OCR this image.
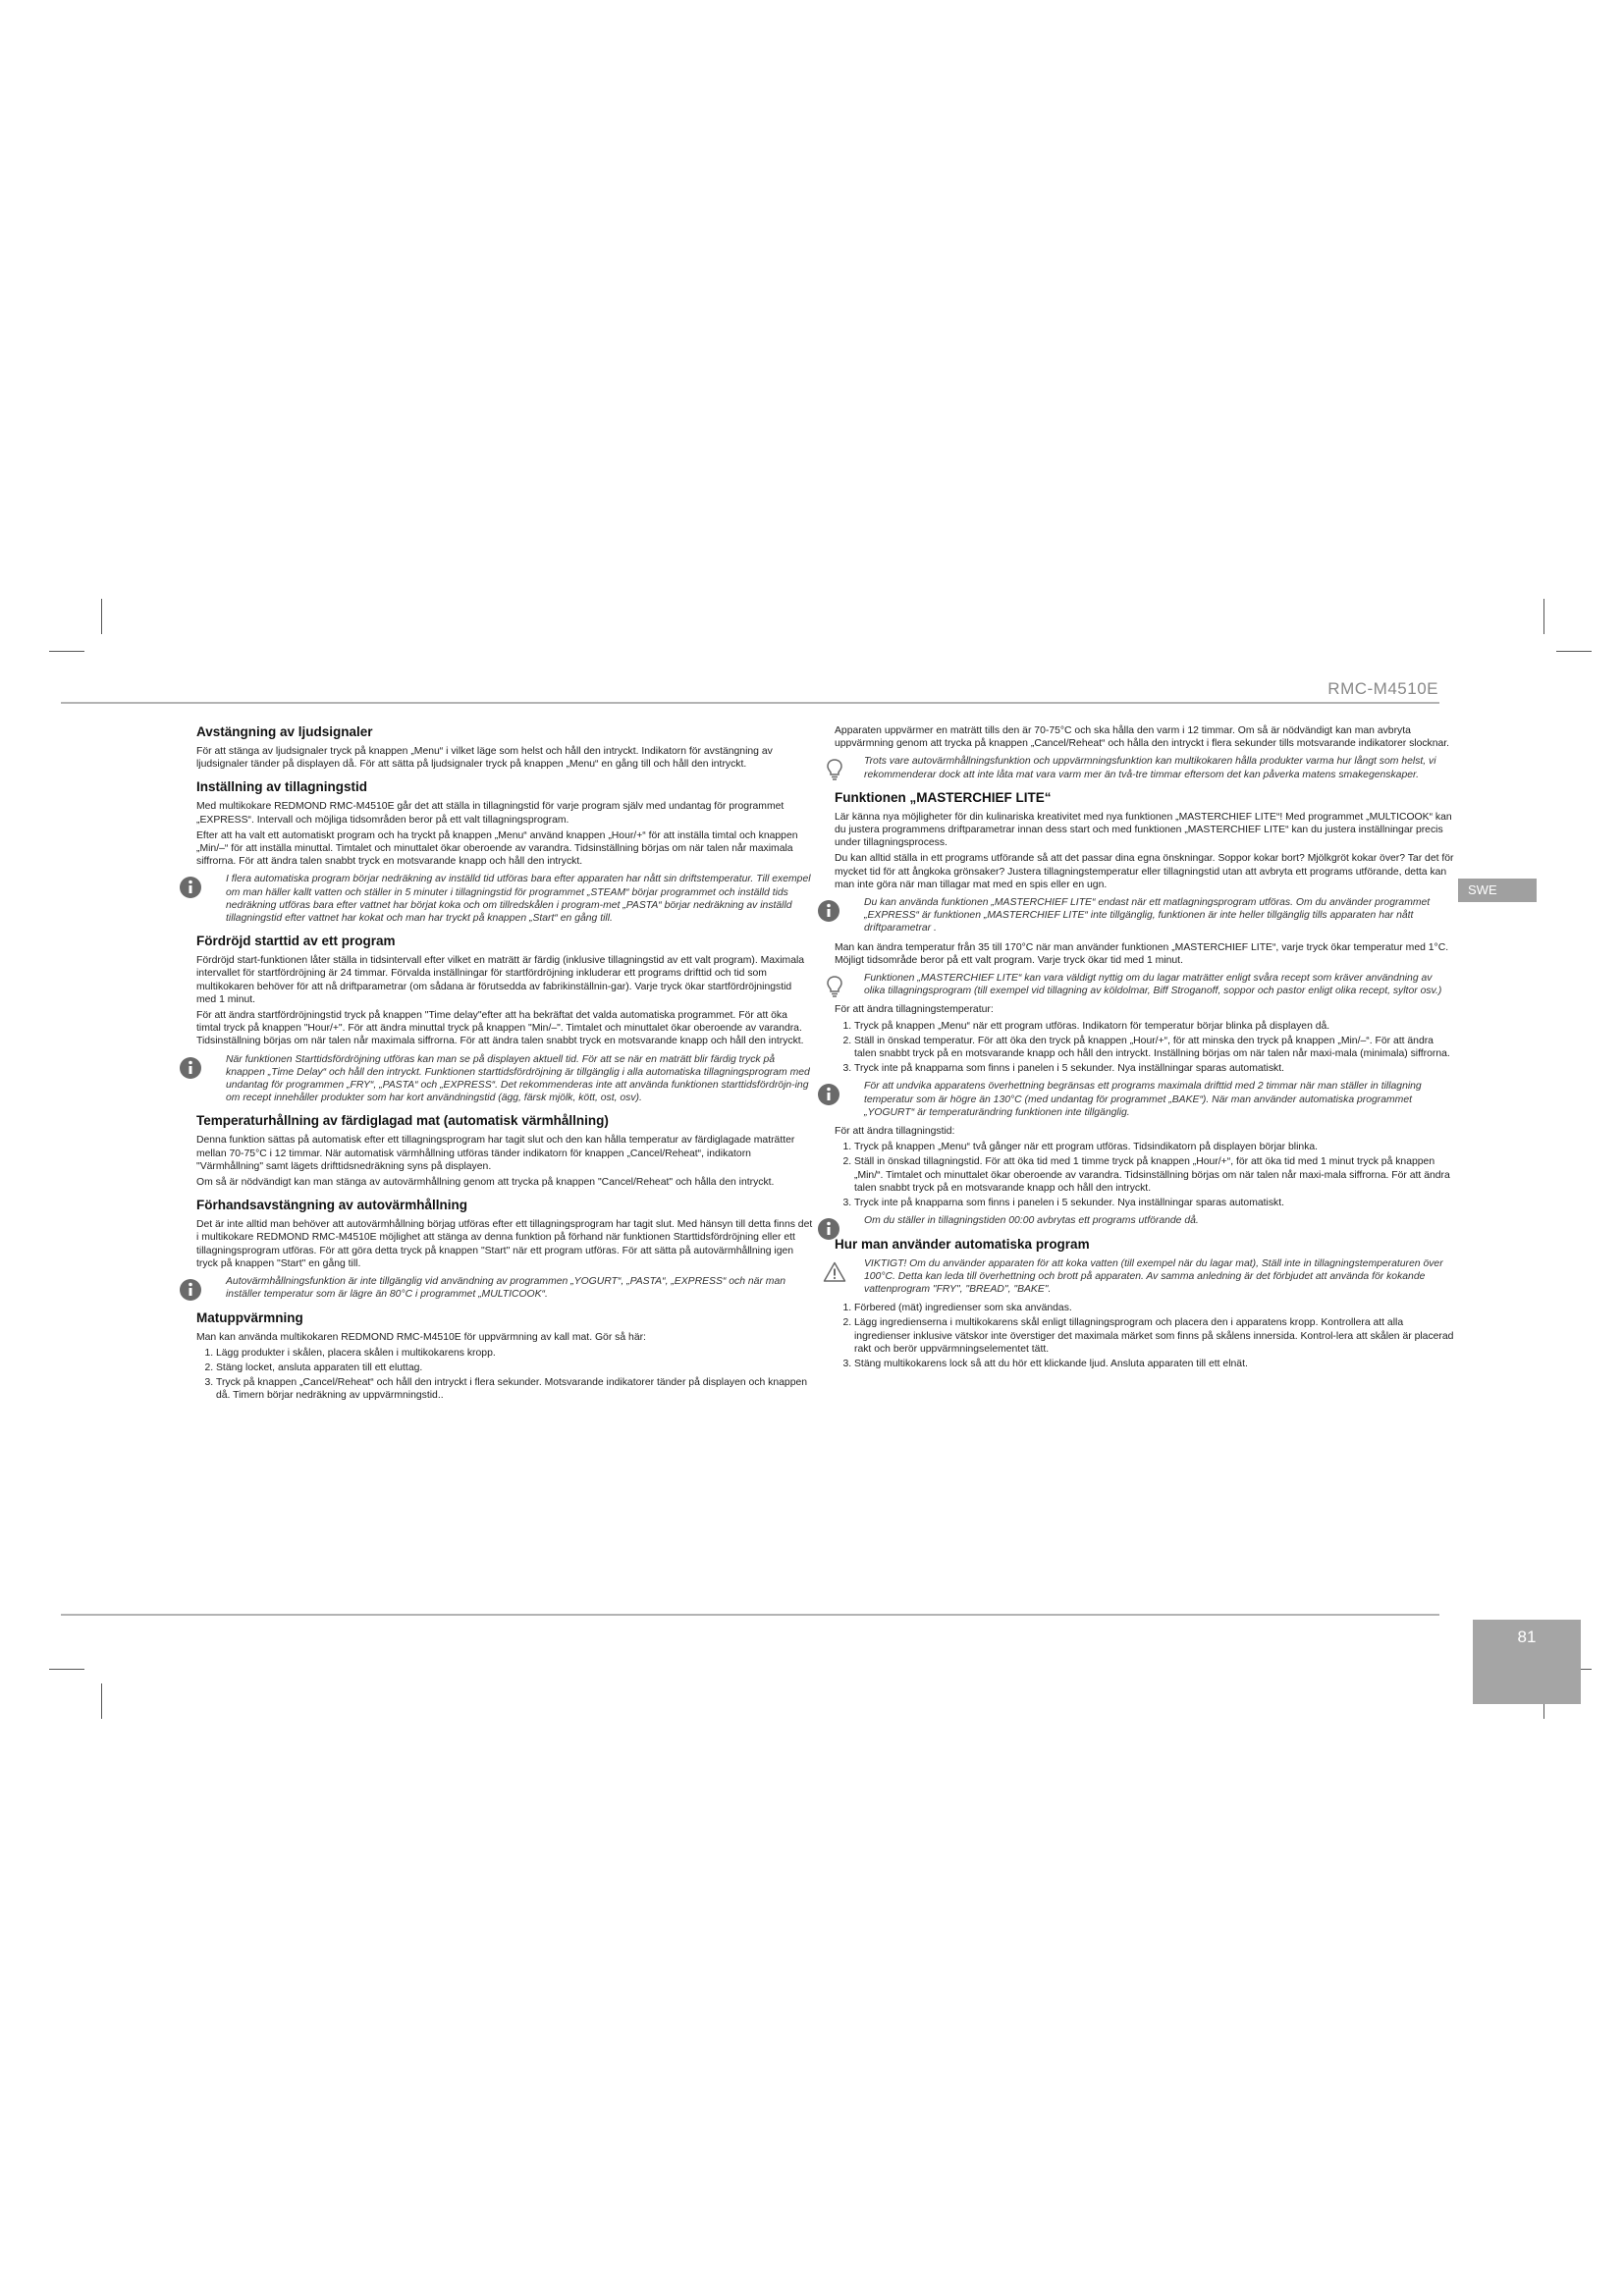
RMC-M4510E
SWE
81
Avstängning av ljudsignaler

För att stänga av ljudsignaler tryck på knappen „Menu“ i vilket läge som helst och håll den intryckt. Indikatorn för avstängning av ljudsignaler tänder på displayen då. För att sätta på ljudsignaler tryck på knappen „Menu“ en gång till och håll den intryckt.

Inställning av tillagningstid

Med multikokare REDMOND RMC-M4510E går det att ställa in tillagningstid för varje program själv med undantag för programmet „EXPRESS“. Intervall och möjliga tidsområden beror på ett valt tillagningsprogram.

Efter att ha valt ett automatiskt program och ha tryckt på knappen „Menu“ använd knappen „Hour/+“ för att inställa timtal och knappen „Min/–“ för att inställa minuttal. Timtalet och minuttalet ökar oberoende av varandra. Tidsinställning börjas om när talen når maximala siffrorna. För att ändra talen snabbt tryck en motsvarande knapp och håll den intryckt.

I flera automatiska program börjar nedräkning av inställd tid utföras bara efter apparaten har nått sin driftstemperatur. Till exempel om man häller kallt vatten och ställer in 5 minuter i tillagningstid för programmet „STEAM“ börjar programmet och inställd tids nedräkning utföras bara efter vattnet har börjat koka och om tillredskålen i program-met „PASTA“ börjar nedräkning av inställd tillagningstid efter vattnet har kokat och man har tryckt på knappen „Start“ en gång till.
Fördröjd starttid av ett program

Fördröjd start-funktionen låter ställa in tidsintervall efter vilket en maträtt är färdig (inklusive tillagningstid av ett valt program). Maximala intervallet för startfördröjning är 24 timmar. Förvalda inställningar för startfördröjning inkluderar ett programs drifttid och tid som multikokaren behöver för att nå driftparametrar (om sådana är förutsedda av fabrikinställnin-gar). Varje tryck ökar startfördröjningstid med 1 minut.

För att ändra startfördröjningstid tryck på knappen "Time delay"efter att ha bekräftat det valda automatiska programmet. För att öka timtal tryck på knappen "Hour/+". För att ändra minuttal tryck på knappen "Min/–". Timtalet och minuttalet ökar oberoende av varandra. Tidsinställning börjas om när talen når maximala siffrorna. För att ändra talen snabbt tryck en motsvarande knapp och håll den intryckt.

När funktionen Starttidsfördröjning utföras kan man se på displayen aktuell tid. För att se när en maträtt blir färdig tryck på knappen „Time Delay“ och håll den intryckt. Funktionen starttidsfördröjning är tillgänglig i alla automatiska tillagningsprogram med undantag för programmen „FRY“, „PASTA“ och „EXPRESS“. Det rekommenderas inte att använda funktionen starttidsfördröjn-ing om recept innehåller produkter som har kort användningstid (ägg, färsk mjölk, kött, ost, osv).
Temperaturhållning av färdiglagad mat (automatisk värmhållning)

Denna funktion sättas på automatisk efter ett tillagningsprogram har tagit slut och den kan hålla temperatur av färdiglagade maträtter mellan 70-75°C i 12 timmar. När automatisk värmhållning utföras tänder indikatorn för knappen „Cancel/Reheat“, indikatorn "Värmhållning" samt lägets drifttidsnedräkning syns på displayen.

Om så är nödvändigt kan man stänga av autovärmhållning genom att trycka på knappen "Cancel/Reheat" och hålla den intryckt.

Förhandsavstängning av autovärmhållning

Det är inte alltid man behöver att autovärmhållning börjag utföras efter ett tillagningsprogram har tagit slut. Med hänsyn till detta finns det i multikokare REDMOND RMC-M4510E möjlighet att stänga av denna funktion på förhand när funktionen Starttidsfördröjning eller ett tillagningsprogram utföras. För att göra detta tryck på knappen "Start" när ett program utföras. För att sätta på autovärmhållning igen tryck på knappen "Start" en gång till.

Autovärmhållningsfunktion är inte tillgänglig vid användning av programmen „YOGURT“, „PASTA“, „EXPRESS“ och när man inställer temperatur som är lägre än 80°C i programmet „MULTICOOK“.
Matuppvärmning

Man kan använda multikokaren REDMOND RMC-M4510E för uppvärmning av kall mat. Gör så här:

1. Lägg produkter i skålen, placera skålen i multikokarens kropp.
2. Stäng locket, ansluta apparaten till ett eluttag.
3. Tryck på knappen „Cancel/Reheat“ och håll den intryckt i flera sekunder. Motsvarande indikatorer tänder på displayen och knappen då. Timern börjar nedräkning av uppvärmningstid..

Apparaten uppvärmer en maträtt tills den är 70-75°C och ska hålla den varm i 12 timmar. Om så är nödvändigt kan man avbryta uppvärmning genom att trycka på knappen „Cancel/Reheat“ och hålla den intryckt i flera sekunder tills motsvarande indikatorer slocknar.

Trots vare autovärmhållningsfunktion och uppvärmningsfunktion kan multikokaren hålla produkter varma hur långt som helst, vi rekommenderar dock att inte låta mat vara varm mer än två-tre timmar eftersom det kan påverka matens smakegenskaper.
Funktionen „MASTERCHIEF LITE“

Lär känna nya möjligheter för din kulinariska kreativitet med nya funktionen „MASTERCHIEF LITE“! Med programmet „MULTICOOK“ kan du justera programmens driftparametrar innan dess start och med funktionen „MASTERCHIEF LITE“ kan du justera inställningar precis under tillagningsprocess.

Du kan alltid ställa in ett programs utförande så att det passar dina egna önskningar. Soppor kokar bort? Mjölkgröt kokar över? Tar det för mycket tid för att ångkoka grönsaker? Justera tillagningstemperatur eller tillagningstid utan att avbryta ett programs utförande, detta kan man inte göra när man tillagar mat med en spis eller en ugn.

Du kan använda funktionen „MASTERCHIEF LITE“ endast när ett matlagningsprogram utföras. Om du använder programmet „EXPRESS“ är funktionen „MASTERCHIEF LITE“ inte tillgänglig, funktionen är inte heller tillgänglig tills apparaten har nått driftparametrar .

Man kan ändra temperatur från 35 till 170°C när man använder funktionen „MASTERCHIEF LITE“, varje tryck ökar temperatur med 1°C. Möjligt tidsområde beror på ett valt program. Varje tryck ökar tid med 1 minut.

Funktionen „MASTERCHIEF LITE“ kan vara väldigt nyttig om du lagar maträtter enligt svåra recept som kräver användning av olika tillagningsprogram (till exempel vid tillagning av köldolmar, Biff Stroganoff, soppor och pastor enligt olika recept, syltor osv.)

För att ändra tillagningstemperatur:

1. Tryck på knappen „Menu“ när ett program utföras. Indikatorn för temperatur börjar blinka på displayen då.
2. Ställ in önskad temperatur. För att öka den tryck på knappen „Hour/+“, för att minska den tryck på knappen „Min/–“. För att ändra talen snabbt tryck på en motsvarande knapp och håll den intryckt. Inställning börjas om när talen når maxi-mala (minimala) siffrorna.
3. Tryck inte på knapparna som finns i panelen i 5 sekunder. Nya inställningar sparas automatiskt.
För att undvika apparatens överhettning begränsas ett programs maximala drifttid med 2 timmar när man ställer in tillagning temperatur som är högre än 130°C (med undantag för programmet „BAKE“). När man använder automatiska programmet „YOGURT“ är temperaturändring funktionen inte tillgänglig.

För att ändra tillagningstid:

1. Tryck på knappen „Menu“ två gånger när ett program utföras. Tidsindikatorn på displayen börjar blinka.
2. Ställ in önskad tillagningstid. För att öka tid med 1 timme tryck på knappen „Hour/+“, för att öka tid med 1 minut tryck på knappen „Min/“. Timtalet och minuttalet ökar oberoende av varandra. Tidsinställning börjas om när talen når maxi-mala siffrorna. För att ändra talen snabbt tryck på en motsvarande knapp och håll den intryckt.
3. Tryck inte på knapparna som finns i panelen i 5 sekunder. Nya inställningar sparas automatiskt.
Om du ställer in tillagningstiden 00:00 avbrytas ett programs utförande då.
Hur man använder automatiska program
VIKTIGT! Om du använder apparaten för att koka vatten (till exempel när du lagar mat), Ställ inte in tillagningstemperaturen över 100°C. Detta kan leda till överhettning och brott på apparaten. Av samma anledning är det förbjudet att använda för kokande vattenprogram "FRY", "BREAD", "BAKE".
1. Förbered (mät) ingredienser som ska användas.
2. Lägg ingredienserna i multikokarens skål enligt tillagningsprogram och placera den i apparatens kropp. Kontrollera att alla ingredienser inklusive vätskor inte överstiger det maximala märket som finns på skålens innersida. Kontrol-lera att skålen är placerad rakt och berör uppvärmningselementet tätt.
3. Stäng multikokarens lock så att du hör ett klickande ljud. Ansluta apparaten till ett elnät.
